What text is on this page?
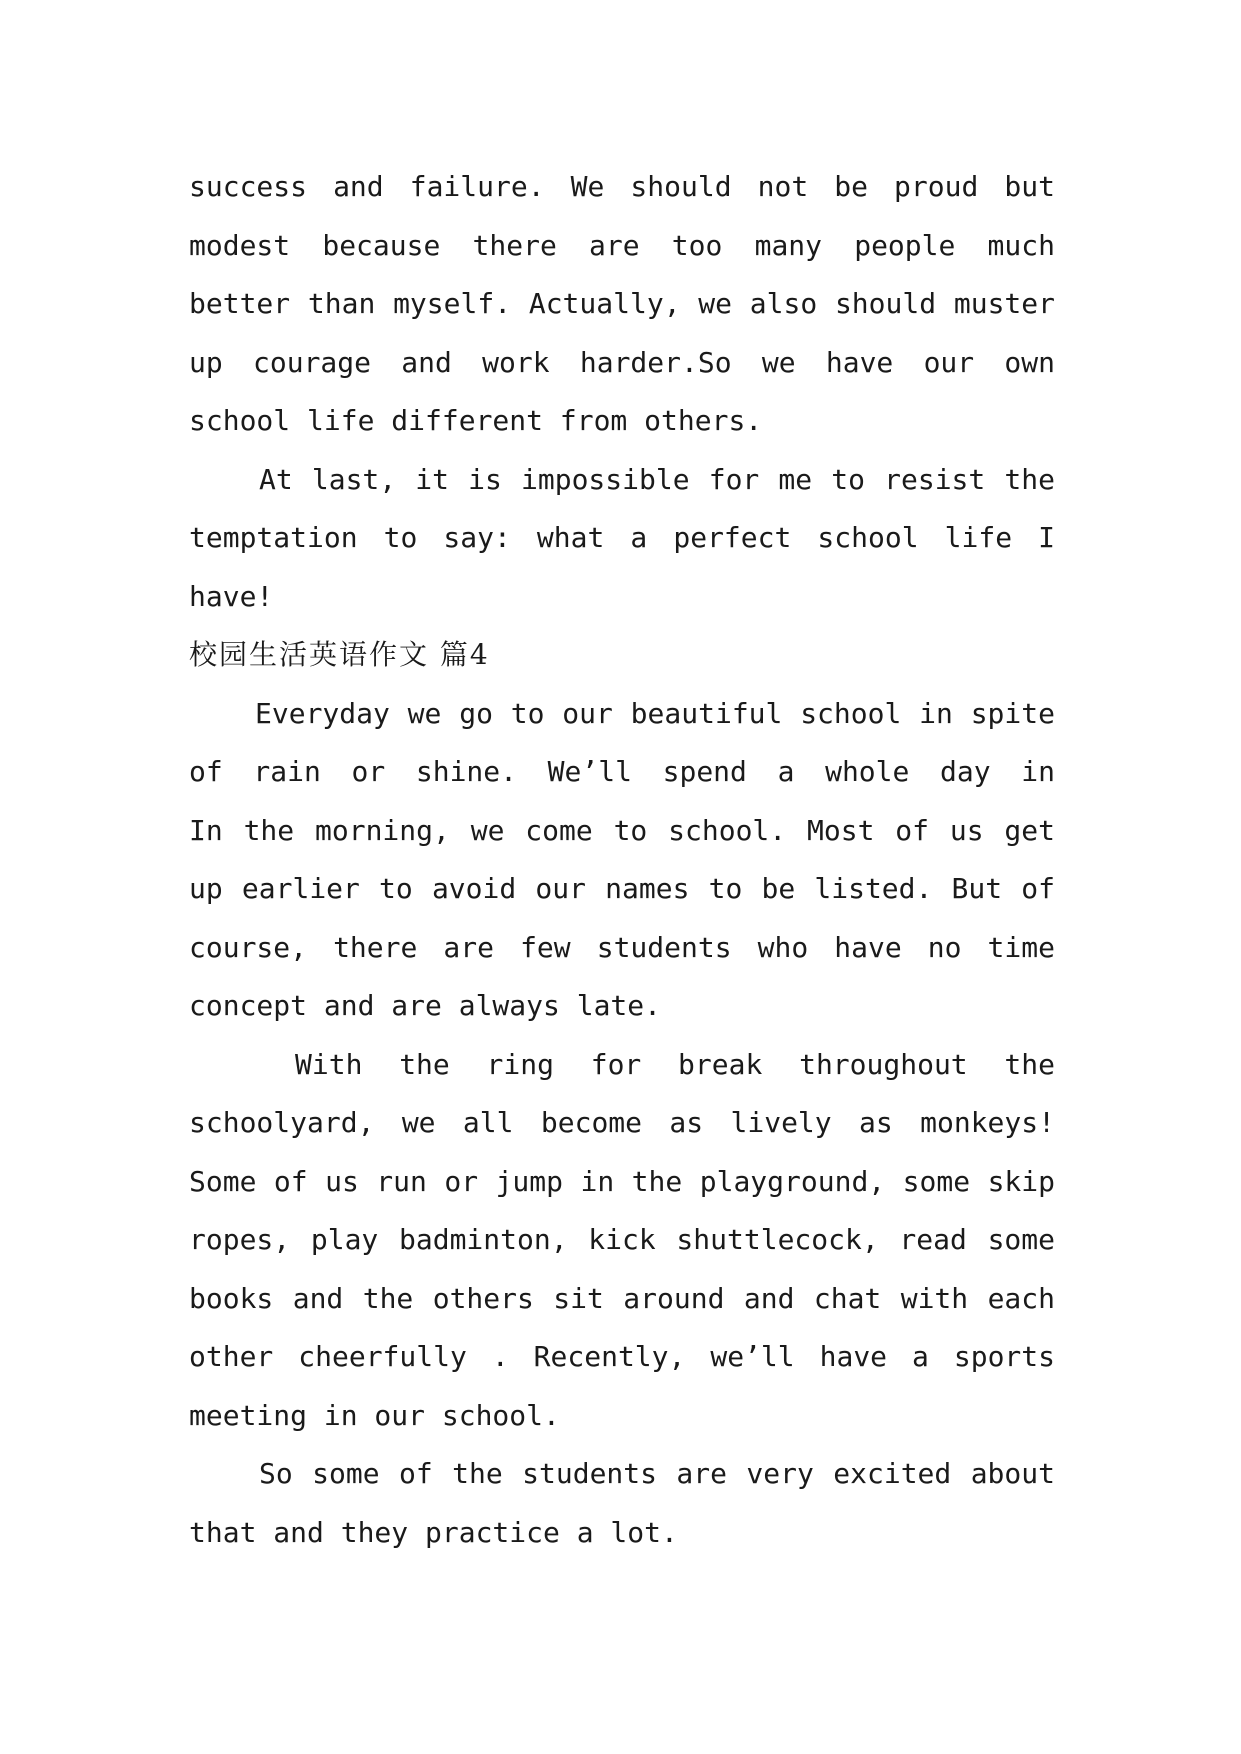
success and failure. We should not be proud but
modest because there are too many people much
better than myself. Actually, we also should muster
up courage and work harder.So we have our own
school life different from others.
At last, it is impossible for me to resist the
temptation to say: what a perfect school life I
have!
校园生活英语作文 篇4
Everyday we go to our beautiful school in spite
of rain or shine. We’ll spend a whole day in
In the morning, we come to school. Most of us get
up earlier to avoid our names to be listed. But of
course, there are few students who have no time
concept and are always late.
With the ring for break throughout the
schoolyard, we all become as lively as monkeys!
Some of us run or jump in the playground, some skip
ropes, play badminton, kick shuttlecock, read some
books and the others sit around and chat with each
other cheerfully . Recently, we’ll have a sports
meeting in our school.
So some of the students are very excited about
that and they practice a lot.
